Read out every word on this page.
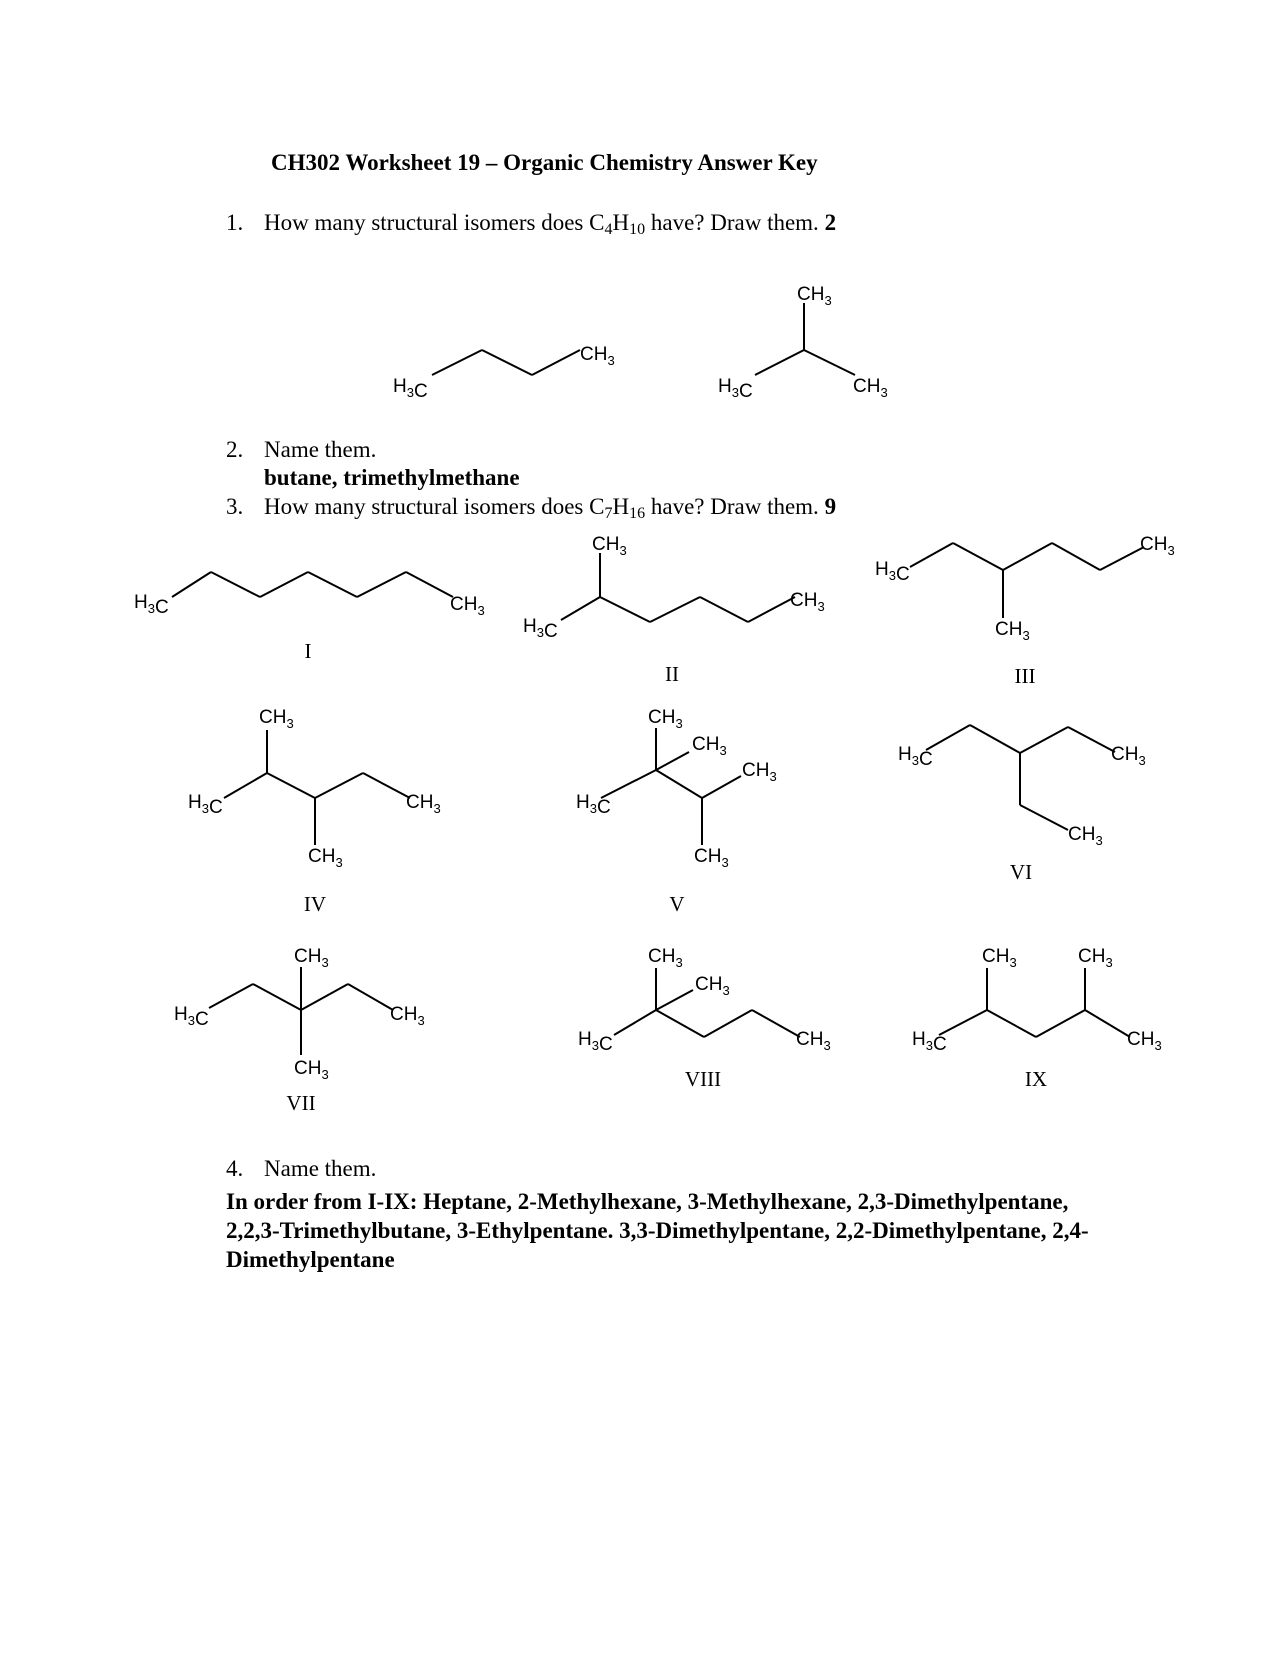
CH302 Worksheet 19 – Organic Chemistry Answer Key
1. How many structural isomers does $C_4H_{10}$ have? Draw them. 2
2. Name them.
butane, trimethylmethane
3. How many structural isomers does $C_7H_{16}$ have? Draw them. 9
4. Name them.
In order from I-IX: Heptane, 2-Methylhexane, 3-Methylhexane, 2,3-Dimethylpentane, 2,2,3-Trimethylbutane, 3-Ethylpentane. 3,3-Dimethylpentane, 2,2-Dimethylpentane, 2,4-Dimethylpentane
$H_3C$
$CH_3$
$H_3C$	$CH_3$
$CH_3$
$H_3C$	$CH_3$
I
$H_3C$
$CH_3$
$CH_3$
II
$H_3C$
$CH_3$
$CH_3$
III
$H_3C$	$CH_3$
$CH_3$
$CH_3$
IV
$H_3C$
$CH_3$
$CH_3$
$CH_3$
$CH_3$
V
$H_3C$	$CH_3$
$CH_3$
VI
$H_3C$	$CH_3$
$CH_3$
$CH_3$
VII
$H_3C$	$CH_3$
$CH_3$
$CH_3$
VIII
$H_3C$	$CH_3$
$CH_3$	$CH_3$
IX
